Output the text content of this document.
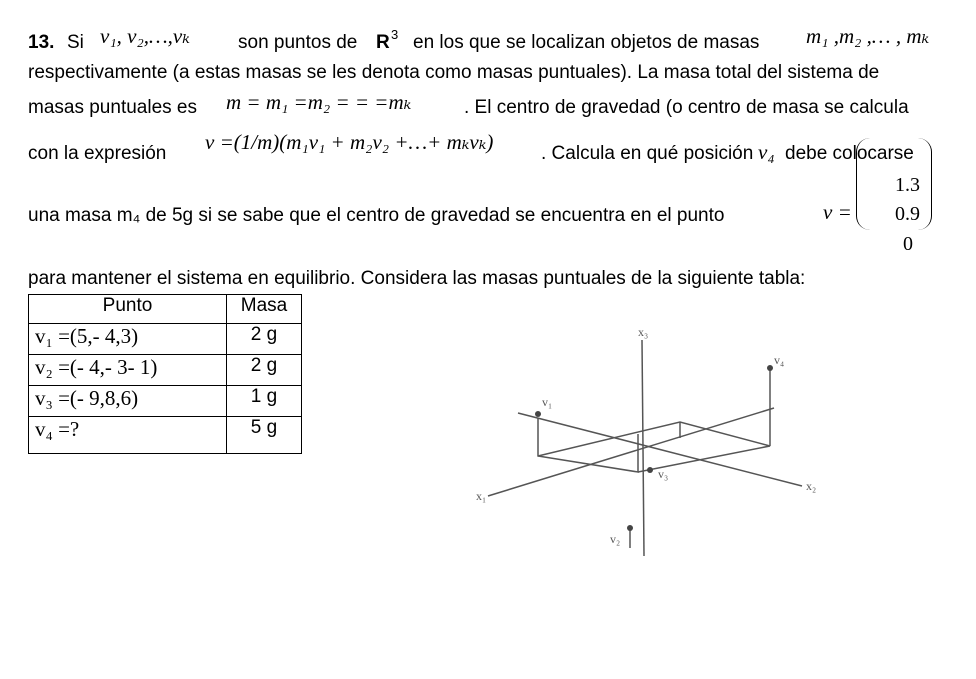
13. Si v₁, v₂,…,vₖ	son puntos de R 3 en los que se localizan objetos de masas m₁ ,m₂ ,… , mₖ
respectivamente (a estas masas se les denota como masas puntuales). La masa total del sistema de
masas puntuales es m = m₁ =m₂ = = =mₖ	. El centro de gravedad (o centro de masa se calcula
con la expresión v =(1/m)(m₁v₁ + m₂v₂ +…+ mₖvₖ)	. Calcula en qué posición v₄ debe colocarse
una masa m₄ de 5g si se sabe que el centro de gravedad se encuentra en el punto	v =
1.3
0.9
0
para mantener el sistema en equilibrio. Considera las masas puntuales de la siguiente tabla:
Punto	Masa

v₁ =(5,- 4,3)	2 g

v₂ =(- 4,- 3- 1)	2 g

v₃ =(- 9,8,6)	1 g

v₄ =?	5 g
x₃
x₁
x₂
v₁
v₄
v₃
v₂
